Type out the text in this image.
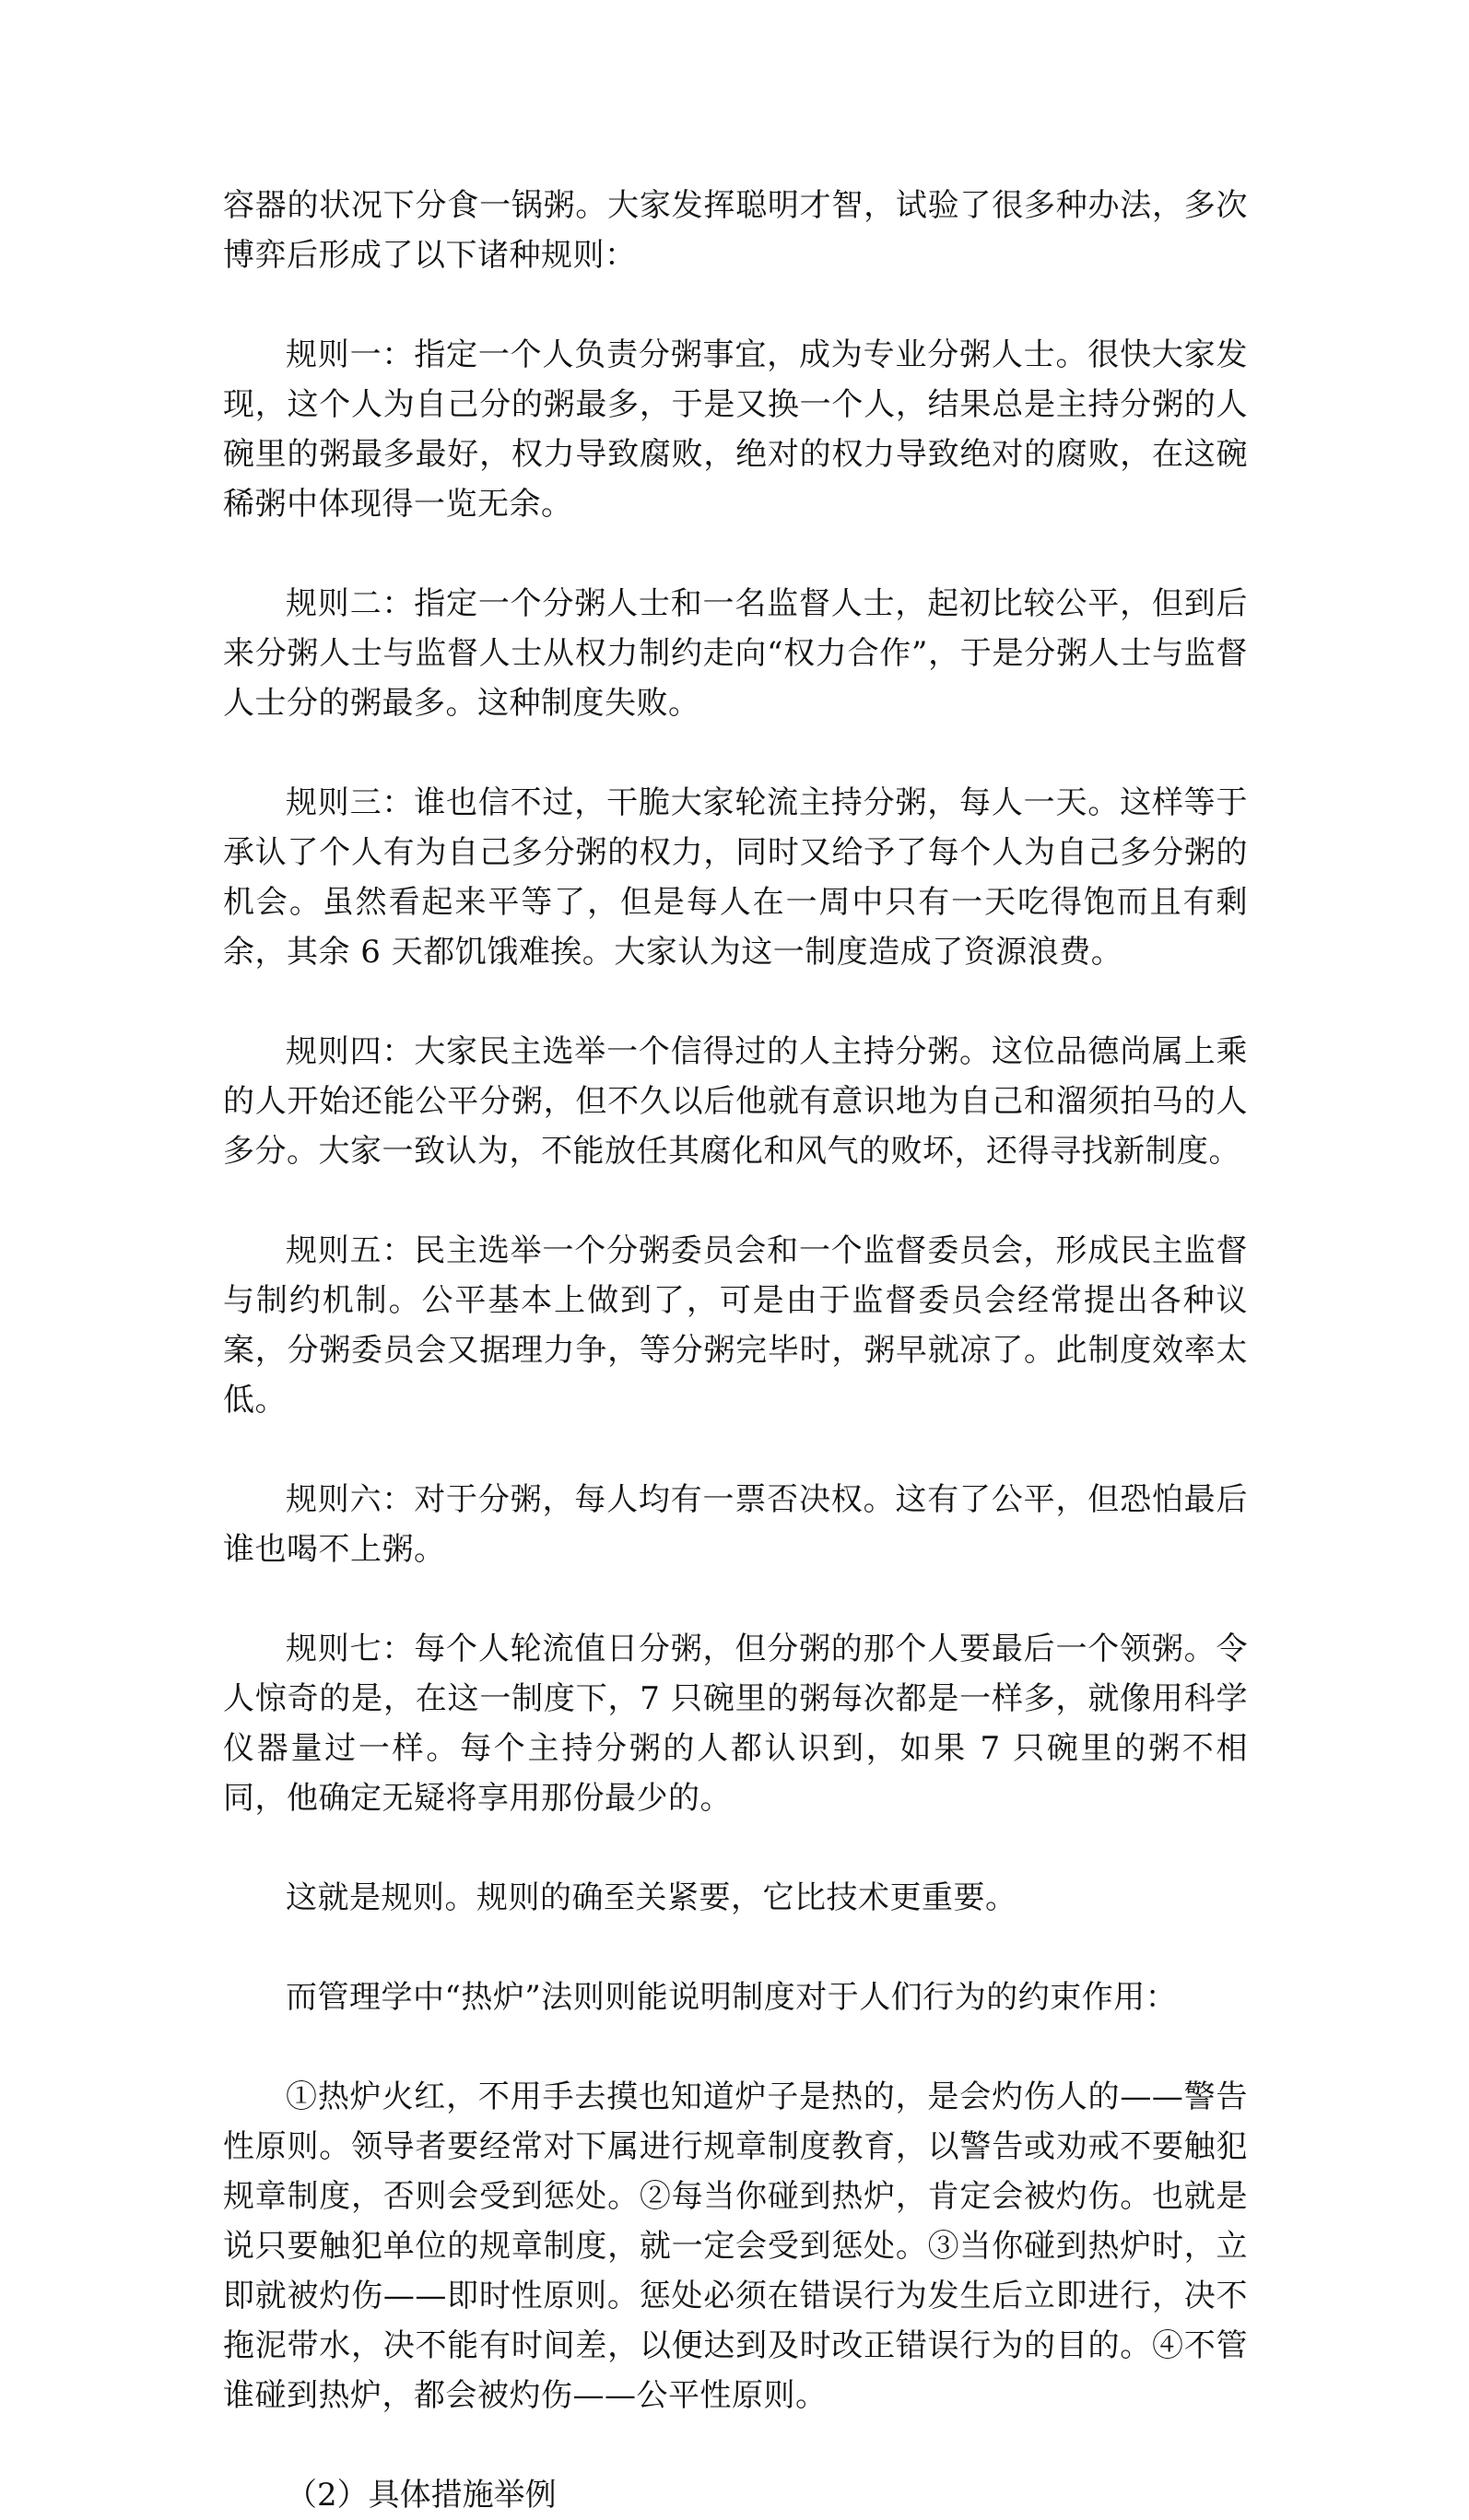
容器的状况下分食一锅粥。大家发挥聪明才智，试验了很多种办法，多次博弈后形成了以下诸种规则：

规则一：指定一个人负责分粥事宜，成为专业分粥人士。很快大家发现，这个人为自己分的粥最多，于是又换一个人，结果总是主持分粥的人碗里的粥最多最好，权力导致腐败，绝对的权力导致绝对的腐败，在这碗稀粥中体现得一览无余。

规则二：指定一个分粥人士和一名监督人士，起初比较公平，但到后来分粥人士与监督人士从权力制约走向“权力合作”，于是分粥人士与监督人士分的粥最多。这种制度失败。

规则三：谁也信不过，干脆大家轮流主持分粥，每人一天。这样等于承认了个人有为自己多分粥的权力，同时又给予了每个人为自己多分粥的机会。虽然看起来平等了，但是每人在一周中只有一天吃得饱而且有剩余，其余 6 天都饥饿难挨。大家认为这一制度造成了资源浪费。

规则四：大家民主选举一个信得过的人主持分粥。这位品德尚属上乘的人开始还能公平分粥，但不久以后他就有意识地为自己和溜须拍马的人多分。大家一致认为，不能放任其腐化和风气的败坏，还得寻找新制度。

规则五：民主选举一个分粥委员会和一个监督委员会，形成民主监督与制约机制。公平基本上做到了，可是由于监督委员会经常提出各种议案，分粥委员会又据理力争，等分粥完毕时，粥早就凉了。此制度效率太低。

规则六：对于分粥，每人均有一票否决权。这有了公平，但恐怕最后谁也喝不上粥。

规则七：每个人轮流值日分粥，但分粥的那个人要最后一个领粥。令人惊奇的是，在这一制度下，7 只碗里的粥每次都是一样多，就像用科学仪器量过一样。每个主持分粥的人都认识到，如果 7 只碗里的粥不相同，他确定无疑将享用那份最少的。

这就是规则。规则的确至关紧要，它比技术更重要。

而管理学中“热炉”法则则能说明制度对于人们行为的约束作用：

①热炉火红，不用手去摸也知道炉子是热的，是会灼伤人的——警告性原则。领导者要经常对下属进行规章制度教育，以警告或劝戒不要触犯规章制度，否则会受到惩处。②每当你碰到热炉，肯定会被灼伤。也就是说只要触犯单位的规章制度，就一定会受到惩处。③当你碰到热炉时，立即就被灼伤——即时性原则。惩处必须在错误行为发生后立即进行，决不拖泥带水，决不能有时间差，以便达到及时改正错误行为的目的。④不管谁碰到热炉，都会被灼伤——公平性原则。

（2）具体措施举例
